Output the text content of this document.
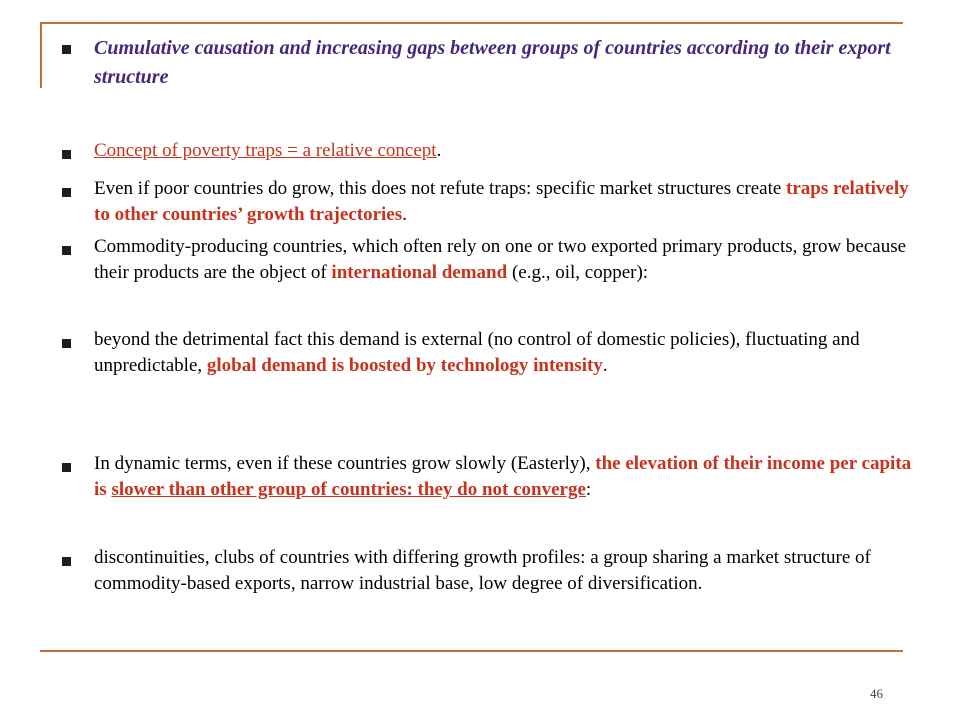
Cumulative causation and increasing gaps between groups of countries according to their export structure

Concept of poverty traps = a relative concept.

Even if poor countries do grow, this does not refute traps: specific market structures create traps relatively to other countries’ growth trajectories.

Commodity-producing countries, which often rely on one or two exported primary products, grow because their products are the object of international demand (e.g., oil, copper):

beyond the detrimental fact this demand is external (no control of domestic policies), fluctuating and unpredictable, global demand is boosted by technology intensity.

In dynamic terms, even if these countries grow slowly (Easterly), the elevation of their income per capita is slower than other group of countries: they do not converge:

discontinuities, clubs of countries with differing growth profiles: a group sharing a market structure of commodity-based exports, narrow industrial base, low degree of diversification.

46
